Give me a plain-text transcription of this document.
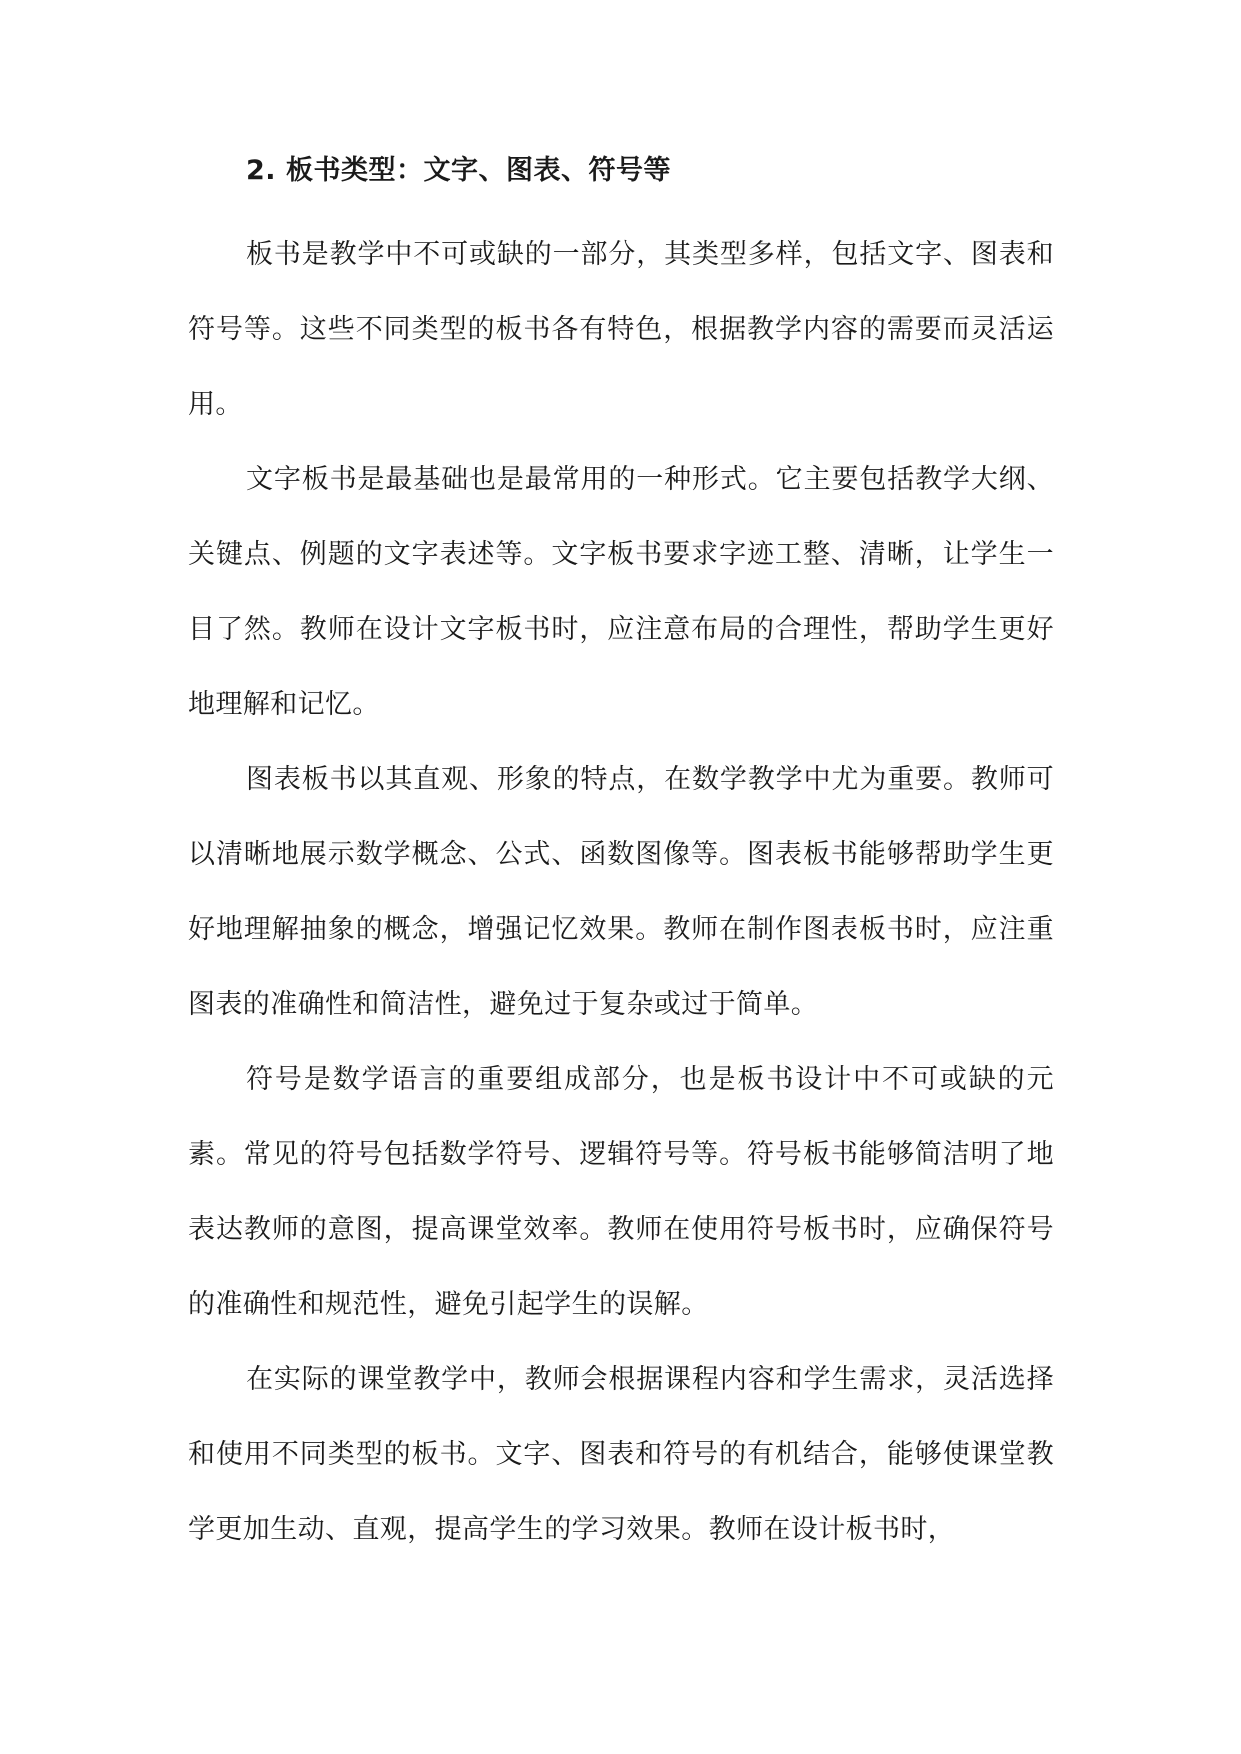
2. 板书类型：文字、图表、符号等

板书是教学中不可或缺的一部分，其类型多样，包括文字、图表和符号等。这些不同类型的板书各有特色，根据教学内容的需要而灵活运用。

文字板书是最基础也是最常用的一种形式。它主要包括教学大纲、关键点、例题的文字表述等。文字板书要求字迹工整、清晰，让学生一目了然。教师在设计文字板书时，应注意布局的合理性，帮助学生更好地理解和记忆。

图表板书以其直观、形象的特点，在数学教学中尤为重要。教师可以清晰地展示数学概念、公式、函数图像等。图表板书能够帮助学生更好地理解抽象的概念，增强记忆效果。教师在制作图表板书时，应注重图表的准确性和简洁性，避免过于复杂或过于简单。

符号是数学语言的重要组成部分，也是板书设计中不可或缺的元素。常见的符号包括数学符号、逻辑符号等。符号板书能够简洁明了地表达教师的意图，提高课堂效率。教师在使用符号板书时，应确保符号的准确性和规范性，避免引起学生的误解。

在实际的课堂教学中，教师会根据课程内容和学生需求，灵活选择和使用不同类型的板书。文字、图表和符号的有机结合，能够使课堂教学更加生动、直观，提高学生的学习效果。教师在设计板书时，
